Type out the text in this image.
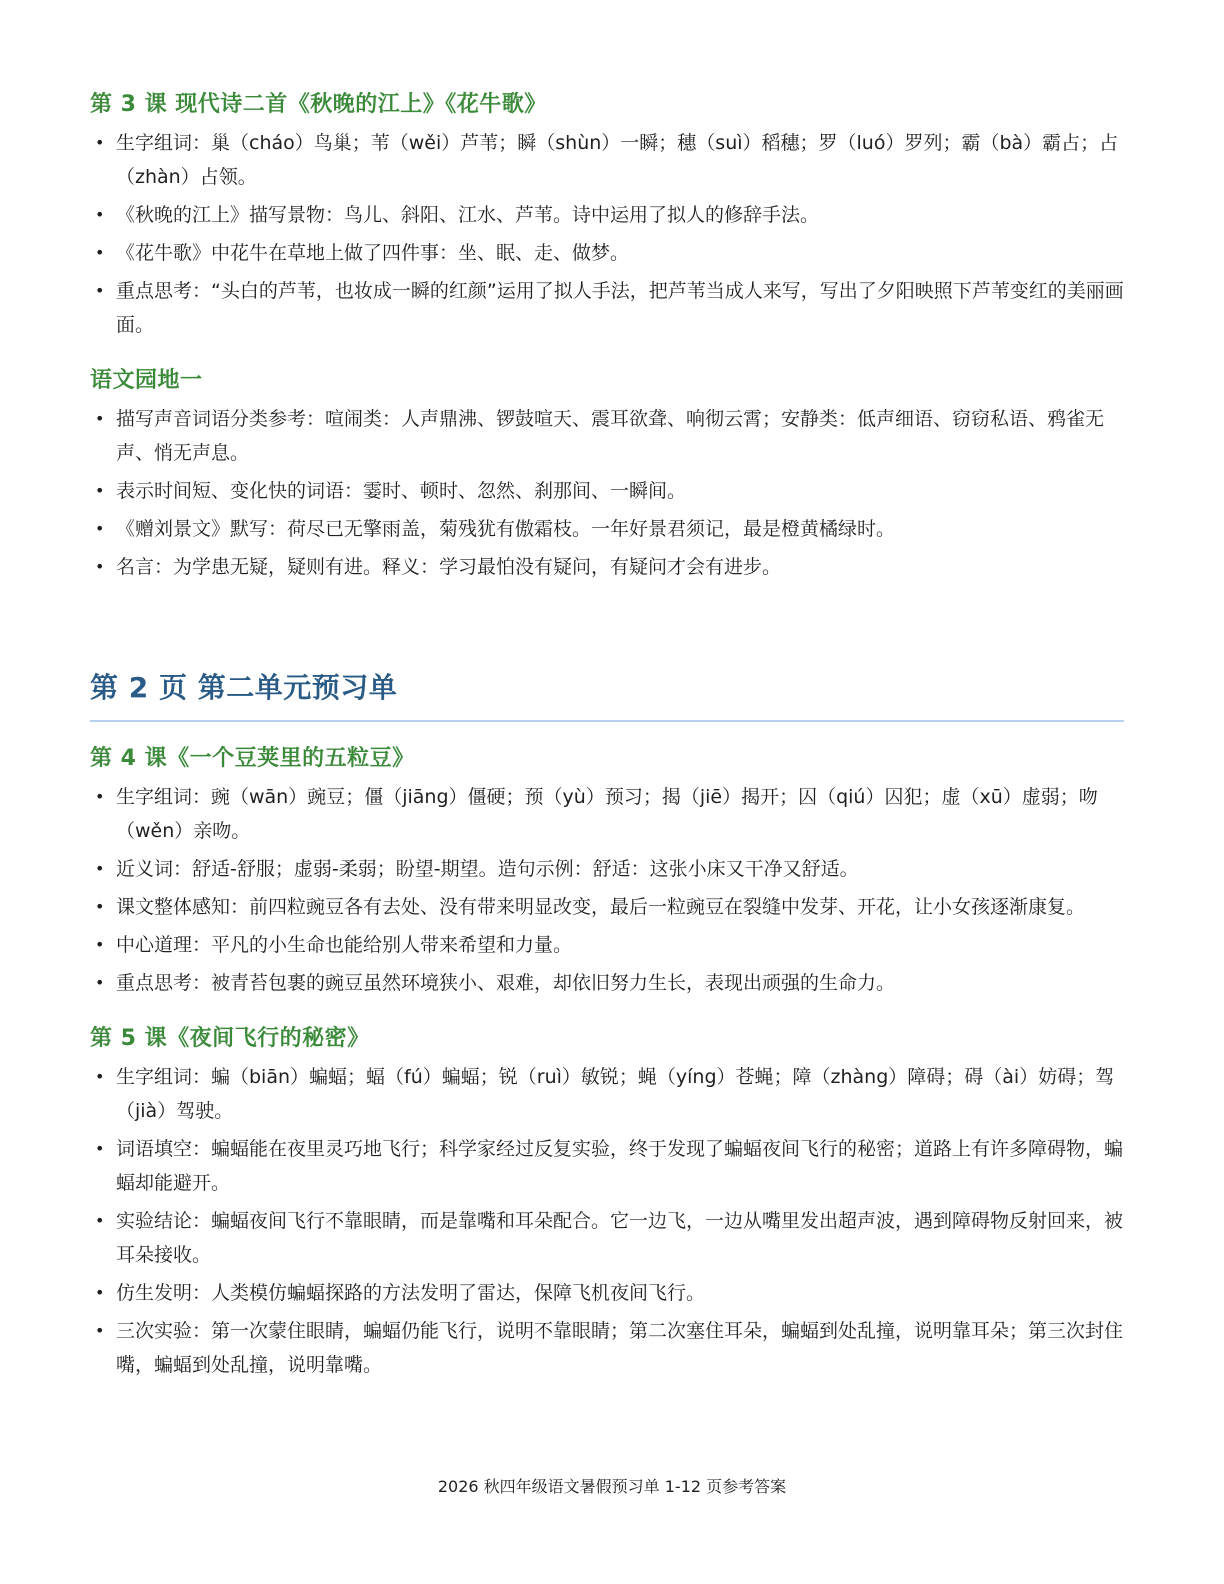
第 3 课 现代诗二首《秋晚的江上》《花牛歌》
• 生字组词：巢（cháo）鸟巢；苇（wěi）芦苇；瞬（shùn）一瞬；穗（suì）稻穗；罗（luó）罗列；霸（bà）霸占；占（zhàn）占领。
• 《秋晚的江上》描写景物：鸟儿、斜阳、江水、芦苇。诗中运用了拟人的修辞手法。
• 《花牛歌》中花牛在草地上做了四件事：坐、眠、走、做梦。
• 重点思考：“头白的芦苇，也妆成一瞬的红颜”运用了拟人手法，把芦苇当成人来写，写出了夕阳映照下芦苇变红的美丽画面。
语文园地一
• 描写声音词语分类参考：喧闹类：人声鼎沸、锣鼓喧天、震耳欲聋、响彻云霄；安静类：低声细语、窃窃私语、鸦雀无声、悄无声息。
• 表示时间短、变化快的词语：霎时、顿时、忽然、刹那间、一瞬间。
• 《赠刘景文》默写：荷尽已无擎雨盖，菊残犹有傲霜枝。一年好景君须记，最是橙黄橘绿时。
• 名言：为学患无疑，疑则有进。释义：学习最怕没有疑问，有疑问才会有进步。
第 2 页 第二单元预习单
第 4 课《一个豆荚里的五粒豆》
• 生字组词：豌（wān）豌豆；僵（jiāng）僵硬；预（yù）预习；揭（jiē）揭开；囚（qiú）囚犯；虚（xū）虚弱；吻（wěn）亲吻。
• 近义词：舒适-舒服；虚弱-柔弱；盼望-期望。造句示例：舒适：这张小床又干净又舒适。
• 课文整体感知：前四粒豌豆各有去处、没有带来明显改变，最后一粒豌豆在裂缝中发芽、开花，让小女孩逐渐康复。
• 中心道理：平凡的小生命也能给别人带来希望和力量。
• 重点思考：被青苔包裹的豌豆虽然环境狭小、艰难，却依旧努力生长，表现出顽强的生命力。
第 5 课《夜间飞行的秘密》
• 生字组词：蝙（biān）蝙蝠；蝠（fú）蝙蝠；锐（ruì）敏锐；蝇（yíng）苍蝇；障（zhàng）障碍；碍（ài）妨碍；驾（jià）驾驶。
• 词语填空：蝙蝠能在夜里灵巧地飞行；科学家经过反复实验，终于发现了蝙蝠夜间飞行的秘密；道路上有许多障碍物，蝙蝠却能避开。
• 实验结论：蝙蝠夜间飞行不靠眼睛，而是靠嘴和耳朵配合。它一边飞，一边从嘴里发出超声波，遇到障碍物反射回来，被耳朵接收。
• 仿生发明：人类模仿蝙蝠探路的方法发明了雷达，保障飞机夜间飞行。
• 三次实验：第一次蒙住眼睛，蝙蝠仍能飞行，说明不靠眼睛；第二次塞住耳朵，蝙蝠到处乱撞，说明靠耳朵；第三次封住嘴，蝙蝠到处乱撞，说明靠嘴。
2026 秋四年级语文暑假预习单 1-12 页参考答案
